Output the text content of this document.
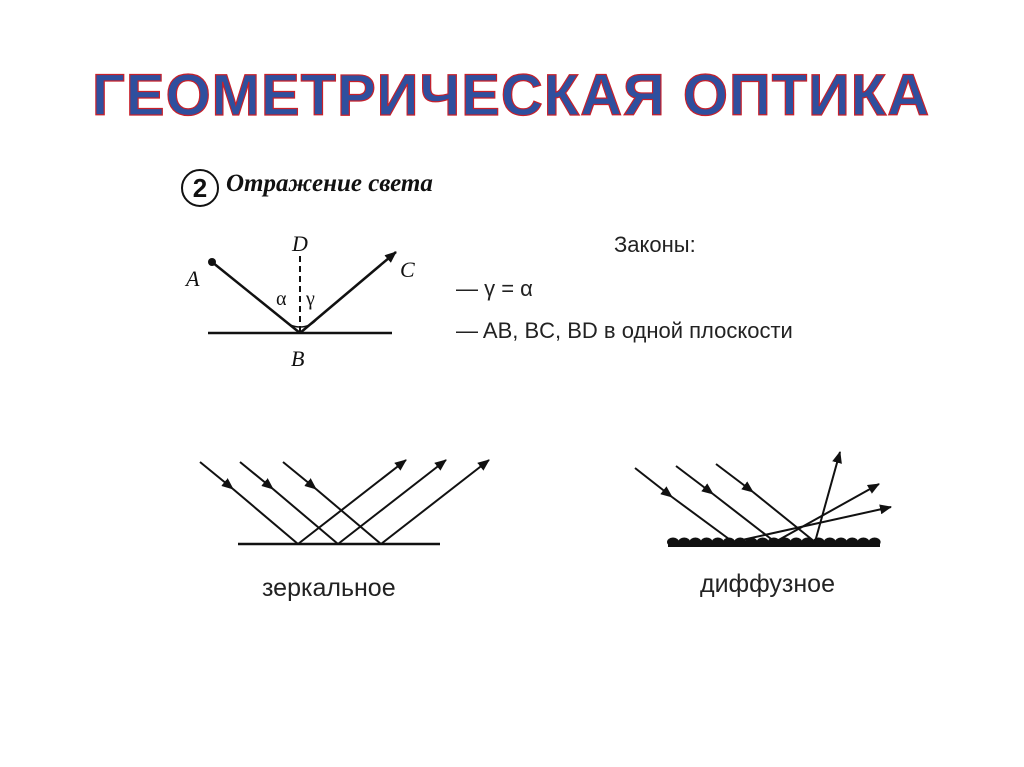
ГЕОМЕТРИЧЕСКАЯ ОПТИКА
2 Отражение света
A
D
C
B
α γ
Законы:
— γ = α
— AB, BC, BD в одной плоскости
зеркальное	диффузное
